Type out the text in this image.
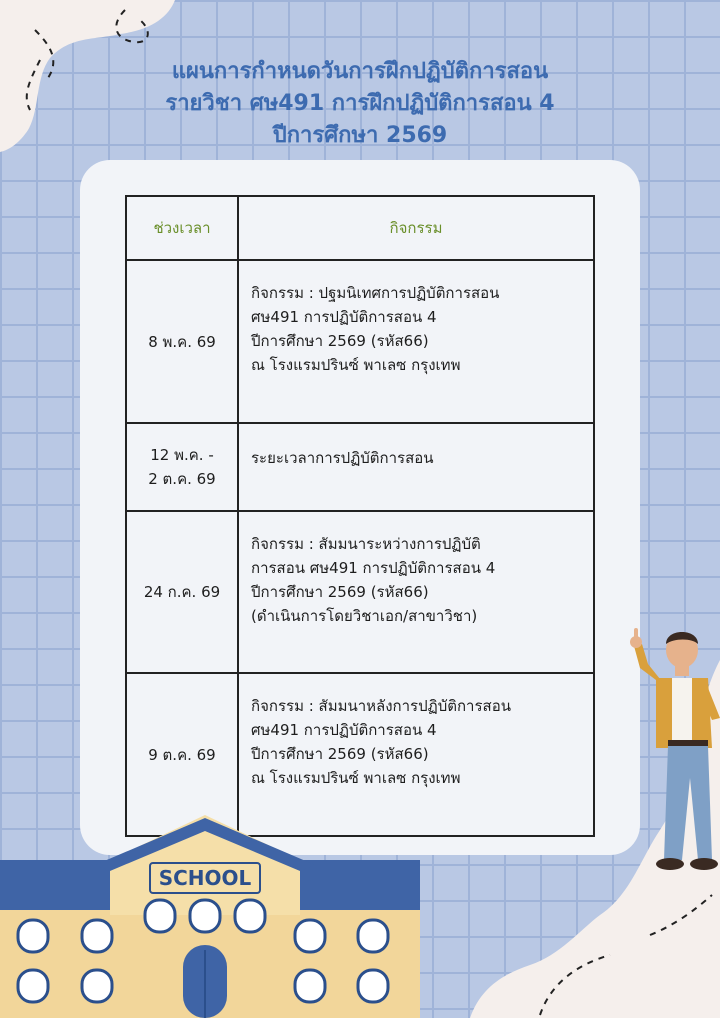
แผนการกำหนดวันการฝึกปฏิบัติการสอน
รายวิชา ศษ491 การฝึกปฏิบัติการสอน 4
ปีการศึกษา 2569
ช่วงเวลา	กิจกรรม

8 พ.ค. 69	กิจกรรม : ปฐมนิเทศการปฏิบัติการสอน
ศษ491 การปฏิบัติการสอน 4
ปีการศึกษา 2569 (รหัส66)
ณ โรงแรมปรินซ์ พาเลซ กรุงเทพ

12 พ.ค. -
2 ต.ค. 69	ระยะเวลาการปฏิบัติการสอน

24 ก.ค. 69	กิจกรรม : สัมมนาระหว่างการปฏิบัติ
การสอน ศษ491 การปฏิบัติการสอน 4
ปีการศึกษา 2569 (รหัส66)
(ดำเนินการโดยวิชาเอก/สาขาวิชา)

9 ต.ค. 69	กิจกรรม : สัมมนาหลังการปฏิบัติการสอน
ศษ491 การปฏิบัติการสอน 4
ปีการศึกษา 2569 (รหัส66)
ณ โรงแรมปรินซ์ พาเลซ กรุงเทพ
SCHOOL
